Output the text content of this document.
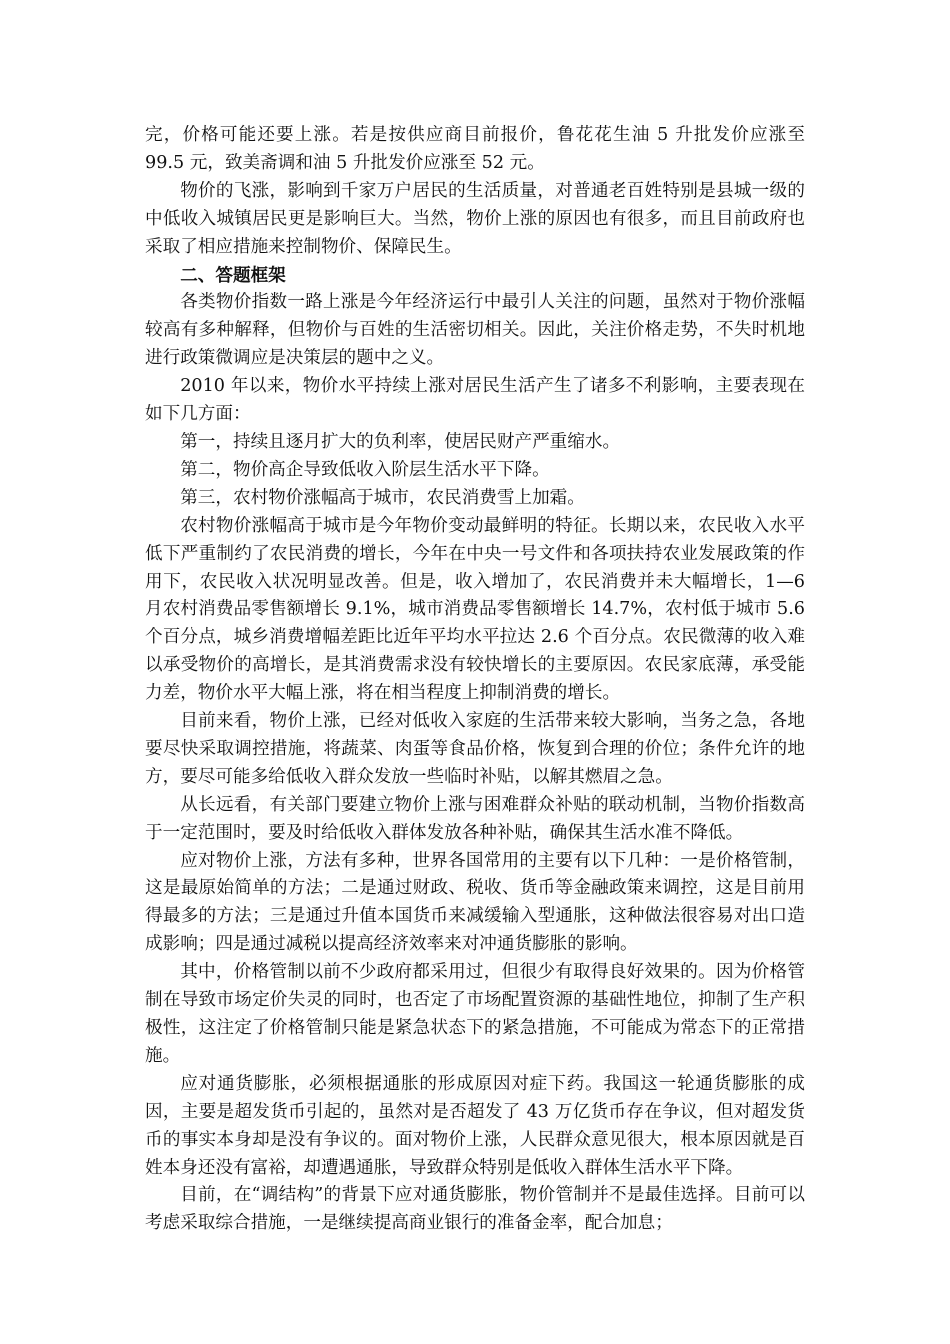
完，价格可能还要上涨。若是按供应商目前报价，鲁花花生油 5 升批发价应涨至 99.5 元，致美斋调和油 5 升批发价应涨至 52 元。

物价的飞涨，影响到千家万户居民的生活质量，对普通老百姓特别是县城一级的中低收入城镇居民更是影响巨大。当然，物价上涨的原因也有很多，而且目前政府也采取了相应措施来控制物价、保障民生。

二、答题框架

各类物价指数一路上涨是今年经济运行中最引人关注的问题，虽然对于物价涨幅较高有多种解释，但物价与百姓的生活密切相关。因此，关注价格走势，不失时机地进行政策微调应是决策层的题中之义。

2010 年以来，物价水平持续上涨对居民生活产生了诸多不利影响，主要表现在如下几方面：

第一，持续且逐月扩大的负利率，使居民财产严重缩水。

第二，物价高企导致低收入阶层生活水平下降。

第三，农村物价涨幅高于城市，农民消费雪上加霜。

农村物价涨幅高于城市是今年物价变动最鲜明的特征。长期以来，农民收入水平低下严重制约了农民消费的增长，今年在中央一号文件和各项扶持农业发展政策的作用下，农民收入状况明显改善。但是，收入增加了，农民消费并未大幅增长，1—6 月农村消费品零售额增长 9.1%，城市消费品零售额增长 14.7%，农村低于城市 5.6 个百分点，城乡消费增幅差距比近年平均水平拉达 2.6 个百分点。农民微薄的收入难以承受物价的高增长，是其消费需求没有较快增长的主要原因。农民家底薄，承受能力差，物价水平大幅上涨，将在相当程度上抑制消费的增长。

目前来看，物价上涨，已经对低收入家庭的生活带来较大影响，当务之急，各地要尽快采取调控措施，将蔬菜、肉蛋等食品价格，恢复到合理的价位；条件允许的地方，要尽可能多给低收入群众发放一些临时补贴，以解其燃眉之急。

从长远看，有关部门要建立物价上涨与困难群众补贴的联动机制，当物价指数高于一定范围时，要及时给低收入群体发放各种补贴，确保其生活水准不降低。

应对物价上涨，方法有多种，世界各国常用的主要有以下几种：一是价格管制，这是最原始简单的方法；二是通过财政、税收、货币等金融政策来调控，这是目前用得最多的方法；三是通过升值本国货币来减缓输入型通胀，这种做法很容易对出口造成影响；四是通过减税以提高经济效率来对冲通货膨胀的影响。

其中，价格管制以前不少政府都采用过，但很少有取得良好效果的。因为价格管制在导致市场定价失灵的同时，也否定了市场配置资源的基础性地位，抑制了生产积极性，这注定了价格管制只能是紧急状态下的紧急措施，不可能成为常态下的正常措施。

应对通货膨胀，必须根据通胀的形成原因对症下药。我国这一轮通货膨胀的成因，主要是超发货币引起的，虽然对是否超发了 43 万亿货币存在争议，但对超发货币的事实本身却是没有争议的。面对物价上涨，人民群众意见很大，根本原因就是百姓本身还没有富裕，却遭遇通胀，导致群众特别是低收入群体生活水平下降。

目前，在“调结构”的背景下应对通货膨胀，物价管制并不是最佳选择。目前可以考虑采取综合措施，一是继续提高商业银行的准备金率，配合加息；
